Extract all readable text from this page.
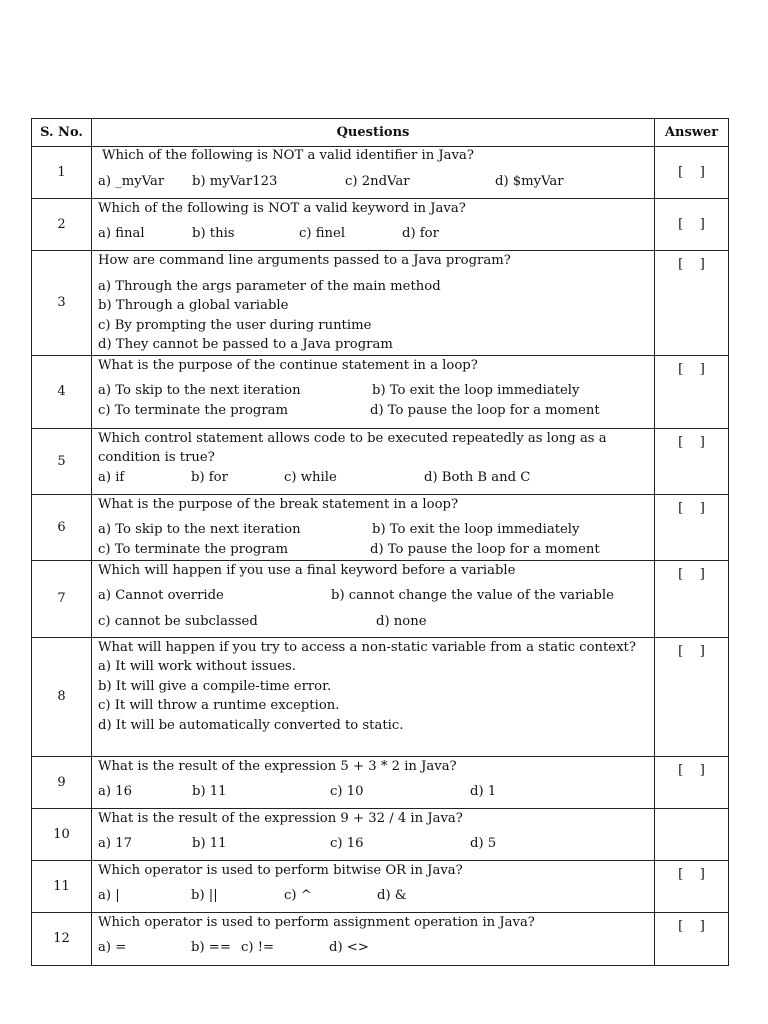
S. No.	Questions	Answer
1	Which of the following is NOT a valid identifier in Java?
a) _myVar b) myVar123 c) 2ndVar d) $myVar	[    ]
2	Which of the following is NOT a valid keyword in Java?
a) final b) this c) finel d) for	[    ]
3	How are command line arguments passed to a Java program?
a) Through the args parameter of the main method
b) Through a global variable
c) By prompting the user during runtime
d) They cannot be passed to a Java program	[    ]
4	What is the purpose of the continue statement in a loop?
a) To skip to the next iteration b) To exit the loop immediately
c) To terminate the program d) To pause the loop for a moment	[    ]
5	Which control statement allows code to be executed repeatedly as long as a condition is true?
a) if b) for c) while d) Both B and C	[    ]
6	What is the purpose of the break statement in a loop?
a) To skip to the next iteration b) To exit the loop immediately
c) To terminate the program d) To pause the loop for a moment	[    ]
7	Which will happen if you use a final keyword before a variable
a) Cannot override b) cannot change the value of the variable
c) cannot be subclassed d) none	[    ]
8	What will happen if you try to access a non-static variable from a static context?
a) It will work without issues.
b) It will give a compile-time error.
c) It will throw a runtime exception.
d) It will be automatically converted to static.	[    ]
9	What is the result of the expression 5 + 3 * 2 in Java?
a) 16 b) 11 c) 10 d) 1	[    ]
10	What is the result of the expression 9 + 32 / 4 in Java?
a) 17 b) 11 c) 16 d) 5	

11	Which operator is used to perform bitwise OR in Java?
a) | b) || c) ^ d) &	[    ]
12	Which operator is used to perform assignment operation in Java?
a) = b) == c) != d) <>	[    ]
